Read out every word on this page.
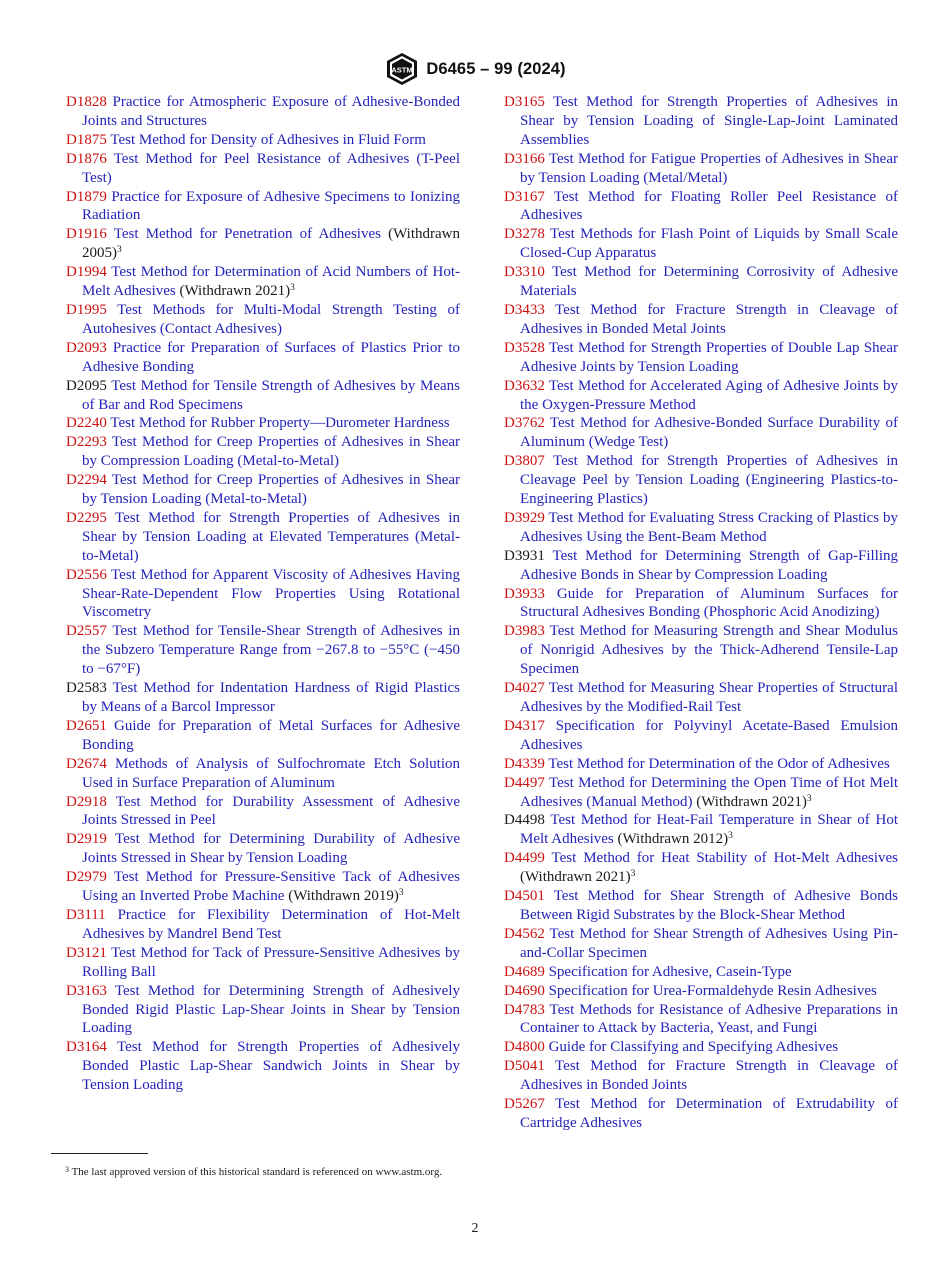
ASTM D6465 – 99 (2024)
D1828 Practice for Atmospheric Exposure of Adhesive-Bonded Joints and Structures
D1875 Test Method for Density of Adhesives in Fluid Form
D1876 Test Method for Peel Resistance of Adhesives (T-Peel Test)
D1879 Practice for Exposure of Adhesive Specimens to Ionizing Radiation
D1916 Test Method for Penetration of Adhesives (Withdrawn 2005)$^3$
D1994 Test Method for Determination of Acid Numbers of Hot-Melt Adhesives (Withdrawn 2021)$^3$
D1995 Test Methods for Multi-Modal Strength Testing of Autohesives (Contact Adhesives)
D2093 Practice for Preparation of Surfaces of Plastics Prior to Adhesive Bonding
D2095 Test Method for Tensile Strength of Adhesives by Means of Bar and Rod Specimens
D2240 Test Method for Rubber Property—Durometer Hardness
D2293 Test Method for Creep Properties of Adhesives in Shear by Compression Loading (Metal-to-Metal)
D2294 Test Method for Creep Properties of Adhesives in Shear by Tension Loading (Metal-to-Metal)
D2295 Test Method for Strength Properties of Adhesives in Shear by Tension Loading at Elevated Temperatures (Metal-to-Metal)
D2556 Test Method for Apparent Viscosity of Adhesives Having Shear-Rate-Dependent Flow Properties Using Rotational Viscometry
D2557 Test Method for Tensile-Shear Strength of Adhesives in the Subzero Temperature Range from −267.8 to −55°C (−450 to −67°F)
D2583 Test Method for Indentation Hardness of Rigid Plastics by Means of a Barcol Impressor
D2651 Guide for Preparation of Metal Surfaces for Adhesive Bonding
D2674 Methods of Analysis of Sulfochromate Etch Solution Used in Surface Preparation of Aluminum
D2918 Test Method for Durability Assessment of Adhesive Joints Stressed in Peel
D2919 Test Method for Determining Durability of Adhesive Joints Stressed in Shear by Tension Loading
D2979 Test Method for Pressure-Sensitive Tack of Adhesives Using an Inverted Probe Machine (Withdrawn 2019)$^3$
D3111 Practice for Flexibility Determination of Hot-Melt Adhesives by Mandrel Bend Test
D3121 Test Method for Tack of Pressure-Sensitive Adhesives by Rolling Ball
D3163 Test Method for Determining Strength of Adhesively Bonded Rigid Plastic Lap-Shear Joints in Shear by Tension Loading
D3164 Test Method for Strength Properties of Adhesively Bonded Plastic Lap-Shear Sandwich Joints in Shear by Tension Loading
D3165 Test Method for Strength Properties of Adhesives in Shear by Tension Loading of Single-Lap-Joint Laminated Assemblies
D3166 Test Method for Fatigue Properties of Adhesives in Shear by Tension Loading (Metal/Metal)
D3167 Test Method for Floating Roller Peel Resistance of Adhesives
D3278 Test Methods for Flash Point of Liquids by Small Scale Closed-Cup Apparatus
D3310 Test Method for Determining Corrosivity of Adhesive Materials
D3433 Test Method for Fracture Strength in Cleavage of Adhesives in Bonded Metal Joints
D3528 Test Method for Strength Properties of Double Lap Shear Adhesive Joints by Tension Loading
D3632 Test Method for Accelerated Aging of Adhesive Joints by the Oxygen-Pressure Method
D3762 Test Method for Adhesive-Bonded Surface Durability of Aluminum (Wedge Test)
D3807 Test Method for Strength Properties of Adhesives in Cleavage Peel by Tension Loading (Engineering Plastics-to-Engineering Plastics)
D3929 Test Method for Evaluating Stress Cracking of Plastics by Adhesives Using the Bent-Beam Method
D3931 Test Method for Determining Strength of Gap-Filling Adhesive Bonds in Shear by Compression Loading
D3933 Guide for Preparation of Aluminum Surfaces for Structural Adhesives Bonding (Phosphoric Acid Anodizing)
D3983 Test Method for Measuring Strength and Shear Modulus of Nonrigid Adhesives by the Thick-Adherend Tensile-Lap Specimen
D4027 Test Method for Measuring Shear Properties of Structural Adhesives by the Modified-Rail Test
D4317 Specification for Polyvinyl Acetate-Based Emulsion Adhesives
D4339 Test Method for Determination of the Odor of Adhesives
D4497 Test Method for Determining the Open Time of Hot Melt Adhesives (Manual Method) (Withdrawn 2021)$^3$
D4498 Test Method for Heat-Fail Temperature in Shear of Hot Melt Adhesives (Withdrawn 2012)$^3$
D4499 Test Method for Heat Stability of Hot-Melt Adhesives (Withdrawn 2021)$^3$
D4501 Test Method for Shear Strength of Adhesive Bonds Between Rigid Substrates by the Block-Shear Method
D4562 Test Method for Shear Strength of Adhesives Using Pin-and-Collar Specimen
D4689 Specification for Adhesive, Casein-Type
D4690 Specification for Urea-Formaldehyde Resin Adhesives
D4783 Test Methods for Resistance of Adhesive Preparations in Container to Attack by Bacteria, Yeast, and Fungi
D4800 Guide for Classifying and Specifying Adhesives
D5041 Test Method for Fracture Strength in Cleavage of Adhesives in Bonded Joints
D5267 Test Method for Determination of Extrudability of Cartridge Adhesives
$^3$ The last approved version of this historical standard is referenced on www.astm.org.
2
